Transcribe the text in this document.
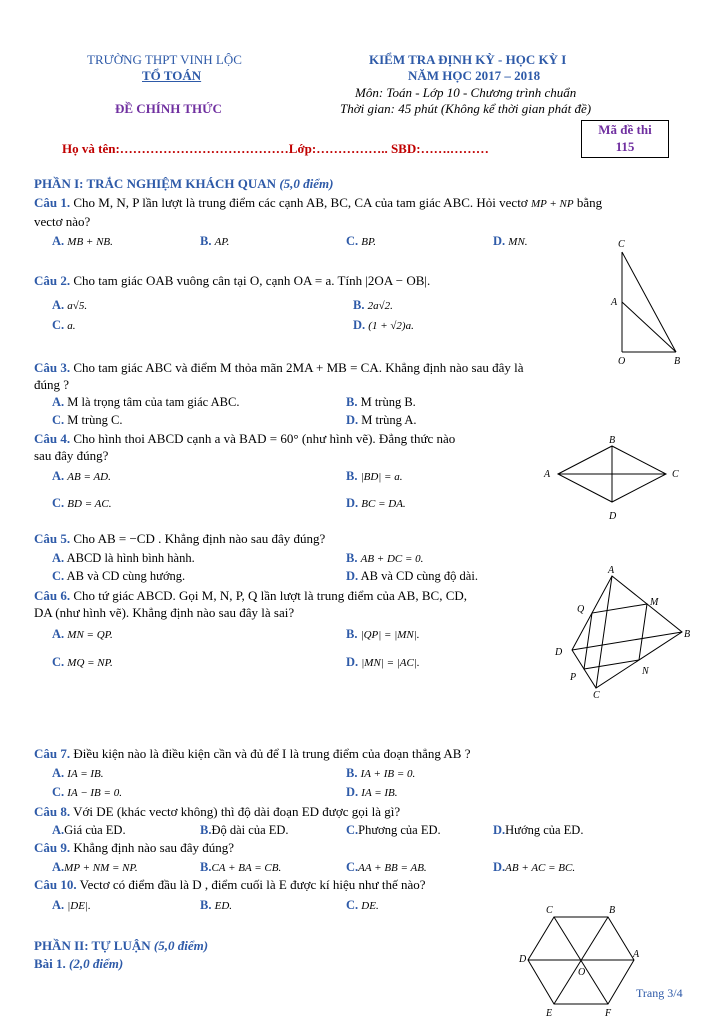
TRƯỜNG THPT VINH LỘC
TỔ TOÁN
ĐỀ CHÍNH THỨC
KIỂM TRA ĐỊNH KỲ - HỌC KỲ I
NĂM HỌC 2017 – 2018
Môn: Toán - Lớp 10 - Chương trình chuẩn
Thời gian: 45 phút (Không kể thời gian phát đề)
Mã đề thi
115
Họ và tên:…………………………………Lớp:…………….. SBD:…….………
PHẦN I: TRẮC NGHIỆM KHÁCH QUAN (5,0 điểm)
Câu 1. Cho M, N, P lần lượt là trung điểm các cạnh AB, BC, CA của tam giác ABC. Hỏi vectơ MP + NP bằng
vectơ nào?
A. MB + NB.	B. AP.	C. BP.	D. MN.
Câu 2. Cho tam giác OAB vuông cân tại O, cạnh OA = a. Tính |2OA − OB|.
A. a√5.	B. 2a√2.
C. a.	D. (1 + √2)a.
C
A
O	B
Câu 3. Cho tam giác ABC và điểm M thỏa mãn 2MA + MB = CA. Khẳng định nào sau đây là
đúng ?
A. M là trọng tâm của tam giác ABC.	B. M trùng B.
C. M trùng C.	D. M trùng A.
Câu 4. Cho hình thoi ABCD cạnh a và BAD = 60° (như hình vẽ). Đẳng thức nào
sau đây đúng?
A. AB = AD.	B. |BD| = a.
C. BD = AC.	D. BC = DA.
A
B
C
D
Câu 5. Cho AB = −CD . Khẳng định nào sau đây đúng?
A. ABCD là hình bình hành.	B. AB + DC = 0.
C. AB và CD cùng hướng.	D. AB và CD cùng độ dài.
Câu 6. Cho tứ giác ABCD. Gọi M, N, P, Q lần lượt là trung điểm của AB, BC, CD,
DA (như hình vẽ). Khẳng định nào sau đây là sai?
A. MN = QP.	B. |QP| = |MN|.
C. MQ = NP.	D. |MN| = |AC|.
A
B
C
D
M
N
P
Q
Câu 7. Điều kiện nào là điều kiện cần và đủ để I là trung điểm của đoạn thẳng AB ?
A. IA = IB.	B. IA + IB = 0.
C. IA − IB = 0.	D. IA = IB.
Câu 8. Với DE (khác vectơ không) thì độ dài đoạn ED được gọi là gì?
A.Giá của ED.	B.Độ dài của ED.	C.Phương của ED.	D.Hướng của ED.
Câu 9. Khẳng định nào sau đây đúng?
A.MP + NM = NP.	B.CA + BA = CB.	C.AA + BB = AB.	D.AB + AC = BC.
Câu 10. Vectơ có điểm đầu là D , điểm cuối là E được kí hiệu như thế nào?
A. |DE|.	B. ED.	C. DE.
PHẦN II: TỰ LUẬN (5,0 điểm)
Bài 1. (2,0 điểm)
C	B
A
D
O
E	F
Trang 3/4
